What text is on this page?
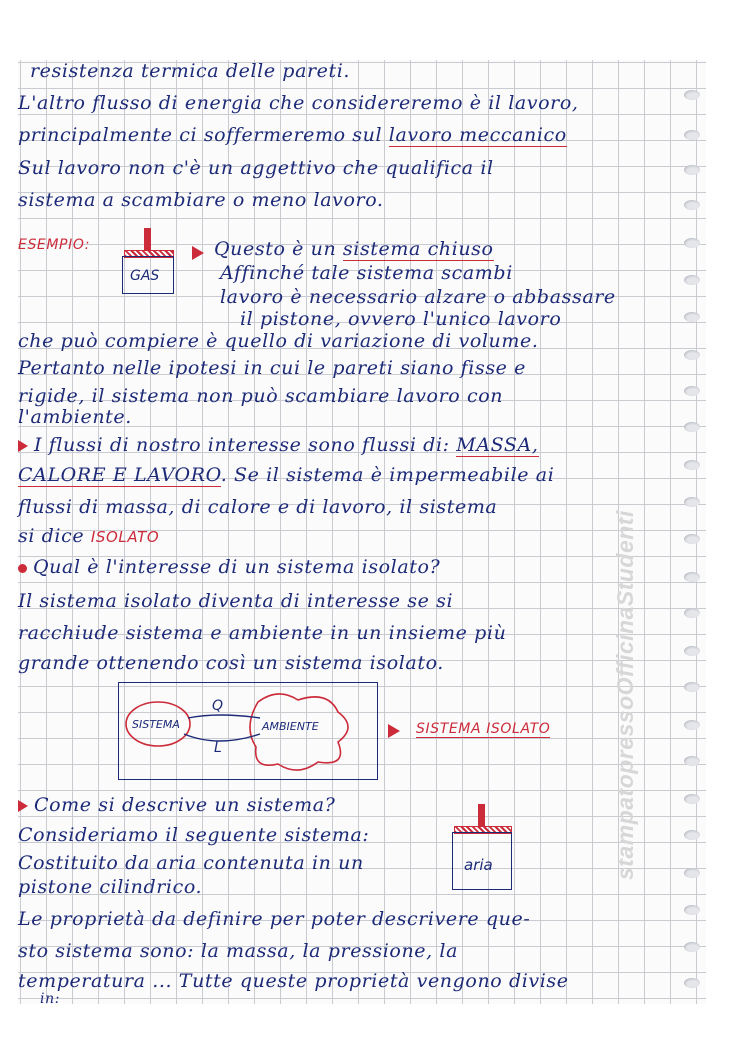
resistenza termica delle pareti.
L'altro flusso di energia che considereremo è il lavoro,
principalmente ci soffermeremo sul lavoro meccanico
Sul lavoro non c'è un aggettivo che qualifica il
sistema a scambiare o meno lavoro.
ESEMPIO:
GAS
Questo è un sistema chiuso
Affinché tale sistema scambi
lavoro è necessario alzare o abbassare
il pistone, ovvero l'unico lavoro
che può compiere è quello di variazione di volume.
Pertanto nelle ipotesi in cui le pareti siano fisse e
rigide, il sistema non può scambiare lavoro con
l'ambiente.
I flussi di nostro interesse sono flussi di: MASSA,
CALORE E LAVORO. Se il sistema è impermeabile ai
flussi di massa, di calore e di lavoro, il sistema
si dice ISOLATO
Qual è l'interesse di un sistema isolato?
Il sistema isolato diventa di interesse se si
racchiude sistema e ambiente in un insieme più
grande ottenendo così un sistema isolato.
SISTEMA	AMBIENTE
Q
L
SISTEMA ISOLATO
Come si descrive un sistema?
Consideriamo il seguente sistema:
Costituito da aria contenuta in un
pistone cilindrico.
aria
Le proprietà da definire per poter descrivere que-
sto sistema sono: la massa, la pressione, la
temperatura ... Tutte queste proprietà vengono divise
in:
stampatopressoOfficinaStudenti
